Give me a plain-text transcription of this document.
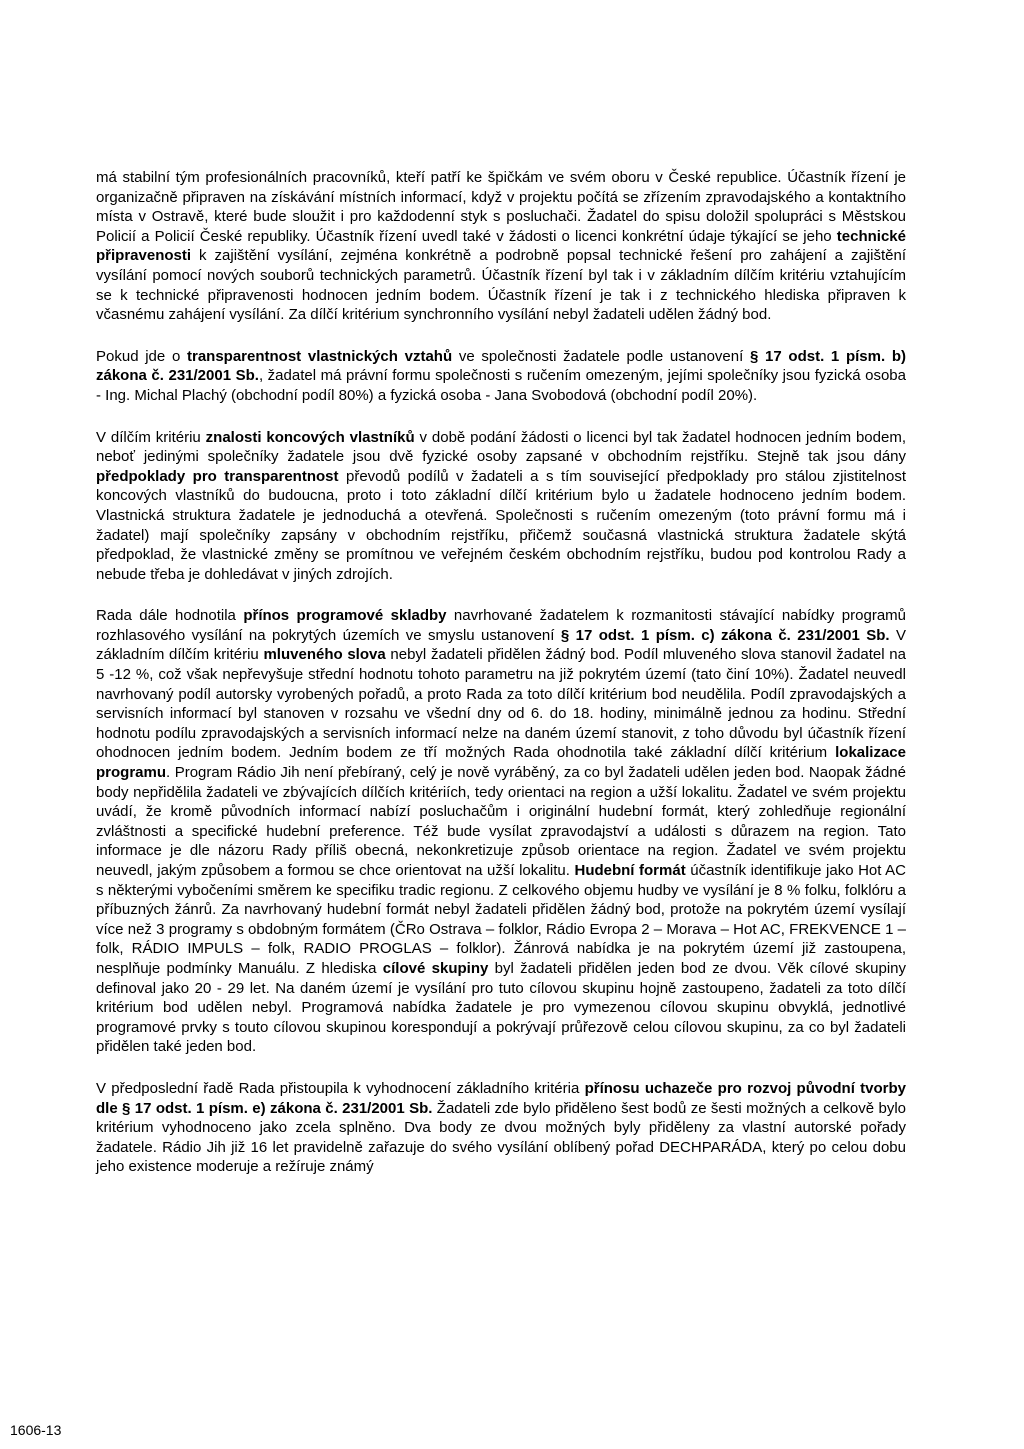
má stabilní tým profesionálních pracovníků, kteří patří ke špičkám ve svém oboru v České republice. Účastník řízení je organizačně připraven na získávání místních informací, když v projektu počítá se zřízením zpravodajského a kontaktního místa v Ostravě, které bude sloužit i pro každodenní styk s posluchači. Žadatel do spisu doložil spolupráci s Městskou Policií a Policií České republiky. Účastník řízení uvedl také v žádosti o licenci konkrétní údaje týkající se jeho technické připravenosti k zajištění vysílání, zejména konkrétně a podrobně popsal technické řešení pro zahájení a zajištění vysílání pomocí nových souborů technických parametrů. Účastník řízení byl tak i v základním dílčím kritériu vztahujícím se k technické připravenosti hodnocen jedním bodem. Účastník řízení je tak i z technického hlediska připraven k včasnému zahájení vysílání. Za dílčí kritérium synchronního vysílání nebyl žadateli udělen žádný bod.

Pokud jde o transparentnost vlastnických vztahů ve společnosti žadatele podle ustanovení § 17 odst. 1 písm. b) zákona č. 231/2001 Sb., žadatel má právní formu společnosti s ručením omezeným, jejími společníky jsou fyzická osoba - Ing. Michal Plachý (obchodní podíl 80%) a fyzická osoba - Jana Svobodová (obchodní podíl 20%).

V dílčím kritériu znalosti koncových vlastníků v době podání žádosti o licenci byl tak žadatel hodnocen jedním bodem, neboť jedinými společníky žadatele jsou dvě fyzické osoby zapsané v obchodním rejstříku. Stejně tak jsou dány předpoklady pro transparentnost převodů podílů v žadateli a s tím související předpoklady pro stálou zjistitelnost koncových vlastníků do budoucna, proto i toto základní dílčí kritérium bylo u žadatele hodnoceno jedním bodem. Vlastnická struktura žadatele je jednoduchá a otevřená. Společnosti s ručením omezeným (toto právní formu má i žadatel) mají společníky zapsány v obchodním rejstříku, přičemž současná vlastnická struktura žadatele skýtá předpoklad, že vlastnické změny se promítnou ve veřejném českém obchodním rejstříku, budou pod kontrolou Rady a nebude třeba je dohledávat v jiných zdrojích.

Rada dále hodnotila přínos programové skladby navrhované žadatelem k rozmanitosti stávající nabídky programů rozhlasového vysílání na pokrytých územích ve smyslu ustanovení § 17 odst. 1 písm. c) zákona č. 231/2001 Sb. V základním dílčím kritériu mluveného slova nebyl žadateli přidělen žádný bod. Podíl mluveného slova stanovil žadatel na 5 -12 %, což však nepřevyšuje střední hodnotu tohoto parametru na již pokrytém území (tato činí 10%). Žadatel neuvedl navrhovaný podíl autorsky vyrobených pořadů, a proto Rada za toto dílčí kritérium bod neudělila. Podíl zpravodajských a servisních informací byl stanoven v rozsahu ve všední dny od 6. do 18. hodiny, minimálně jednou za hodinu. Střední hodnotu podílu zpravodajských a servisních informací nelze na daném území stanovit, z toho důvodu byl účastník řízení ohodnocen jedním bodem. Jedním bodem ze tří možných Rada ohodnotila také základní dílčí kritérium lokalizace programu. Program Rádio Jih není přebíraný, celý je nově vyráběný, za co byl žadateli udělen jeden bod. Naopak žádné body nepřidělila žadateli ve zbývajících dílčích kritériích, tedy orientaci na region a užší lokalitu. Žadatel ve svém projektu uvádí, že kromě původních informací nabízí posluchačům i originální hudební formát, který zohledňuje regionální zvláštnosti a specifické hudební preference. Též bude vysílat zpravodajství a události s důrazem na region. Tato informace je dle názoru Rady příliš obecná, nekonkretizuje způsob orientace na region. Žadatel ve svém projektu neuvedl, jakým způsobem a formou se chce orientovat na užší lokalitu. Hudební formát účastník identifikuje jako Hot AC s některými vybočeními směrem ke specifiku tradic regionu. Z celkového objemu hudby ve vysílání je 8 % folku, folklóru a příbuzných žánrů. Za navrhovaný hudební formát nebyl žadateli přidělen žádný bod, protože na pokrytém území vysílají více než 3 programy s obdobným formátem (ČRo Ostrava – folklor, Rádio Evropa 2 – Morava – Hot AC, FREKVENCE 1 – folk, RÁDIO IMPULS – folk, RADIO PROGLAS – folklor). Žánrová nabídka je na pokrytém území již zastoupena, nesplňuje podmínky Manuálu. Z hlediska cílové skupiny byl žadateli přidělen jeden bod ze dvou. Věk cílové skupiny definoval jako 20 - 29 let. Na daném území je vysílání pro tuto cílovou skupinu hojně zastoupeno, žadateli za toto dílčí kritérium bod udělen nebyl. Programová nabídka žadatele je pro vymezenou cílovou skupinu obvyklá, jednotlivé programové prvky s touto cílovou skupinou korespondují a pokrývají průřezově celou cílovou skupinu, za co byl žadateli přidělen také jeden bod.

V předposlední řadě Rada přistoupila k vyhodnocení základního kritéria přínosu uchazeče pro rozvoj původní tvorby dle § 17 odst. 1 písm. e) zákona č. 231/2001 Sb. Žadateli zde bylo přiděleno šest bodů ze šesti možných a celkově bylo kritérium vyhodnoceno jako zcela splněno. Dva body ze dvou možných byly přiděleny za vlastní autorské pořady žadatele. Rádio Jih již 16 let pravidelně zařazuje do svého vysílání oblíbený pořad DECHPARÁDA, který po celou dobu jeho existence moderuje a režíruje známý

1606-13
